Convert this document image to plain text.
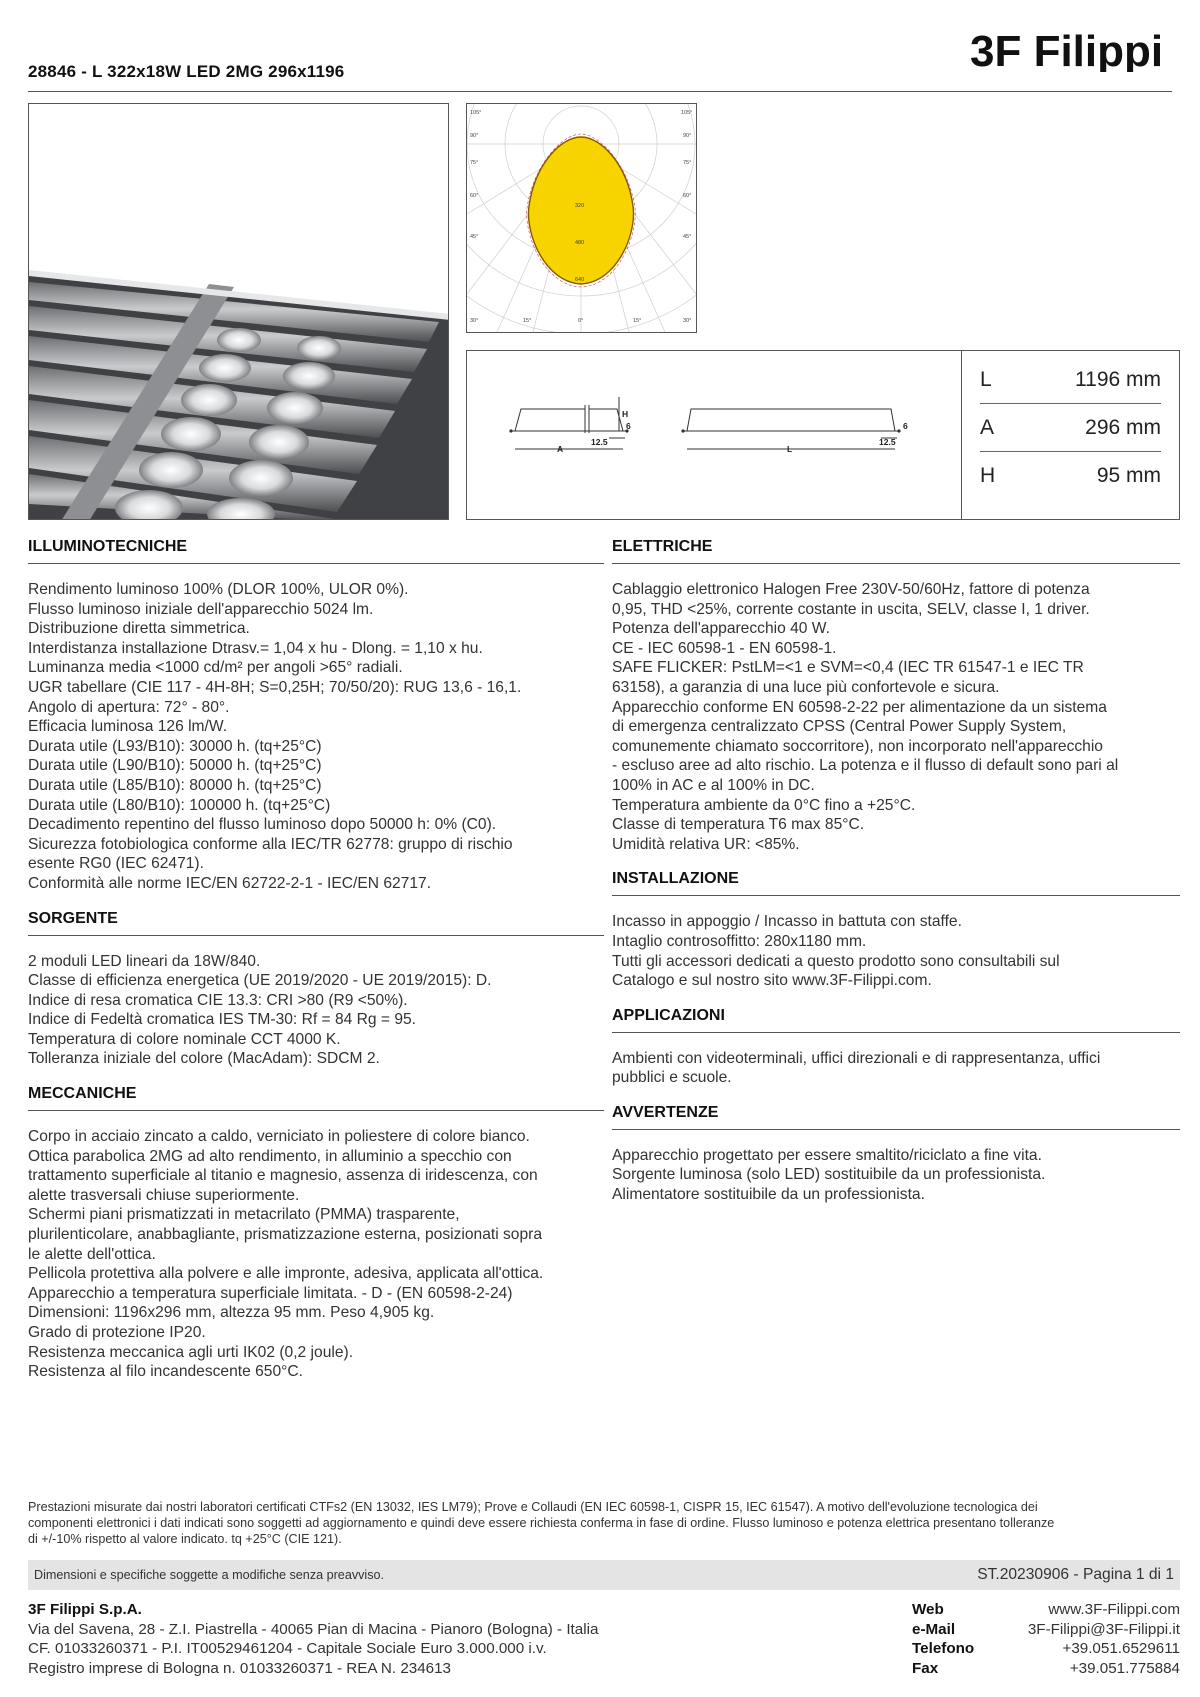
3F Filippi
28846 - L 322x18W LED 2MG 296x1196
105°
90°
75°
60°
45°
30°
105°
90°
75°
60°
45°
30°
15°	0°	15°
320
480
640
A
H
6
12.5
L
6
12.5
L	1196 mm
A	296 mm
H	95 mm
ILLUMINOTECNICHE
Rendimento luminoso 100% (DLOR 100%, ULOR 0%).
Flusso luminoso iniziale dell'apparecchio 5024 lm.
Distribuzione diretta simmetrica.
Interdistanza installazione Dtrasv.= 1,04 x hu - Dlong. = 1,10 x hu.
Luminanza media <1000 cd/m² per angoli >65° radiali.
UGR tabellare (CIE 117 - 4H-8H; S=0,25H; 70/50/20): RUG 13,6 - 16,1.
Angolo di apertura: 72° - 80°.
Efficacia luminosa 126 lm/W.
Durata utile (L93/B10): 30000 h. (tq+25°C)
Durata utile (L90/B10): 50000 h. (tq+25°C)
Durata utile (L85/B10): 80000 h. (tq+25°C)
Durata utile (L80/B10): 100000 h. (tq+25°C)
Decadimento repentino del flusso luminoso dopo 50000 h: 0% (C0).
Sicurezza fotobiologica conforme alla IEC/TR 62778: gruppo di rischio
esente RG0 (IEC 62471).
Conformità alle norme IEC/EN 62722-2-1 - IEC/EN 62717.
SORGENTE
2 moduli LED lineari da 18W/840.
Classe di efficienza energetica (UE 2019/2020 - UE 2019/2015): D.
Indice di resa cromatica CIE 13.3: CRI >80 (R9 <50%).
Indice di Fedeltà cromatica IES TM-30: Rf = 84 Rg = 95.
Temperatura di colore nominale CCT 4000 K.
Tolleranza iniziale del colore (MacAdam): SDCM 2.
MECCANICHE
Corpo in acciaio zincato a caldo, verniciato in poliestere di colore bianco.
Ottica parabolica 2MG ad alto rendimento, in alluminio a specchio con
trattamento superficiale al titanio e magnesio, assenza di iridescenza, con
alette trasversali chiuse superiormente.
Schermi piani prismatizzati in metacrilato (PMMA) trasparente,
plurilenticolare, anabbagliante, prismatizzazione esterna, posizionati sopra
le alette dell'ottica.
Pellicola protettiva alla polvere e alle impronte, adesiva, applicata all'ottica.
Apparecchio a temperatura superficiale limitata. - D - (EN 60598-2-24)
Dimensioni: 1196x296 mm, altezza 95 mm. Peso 4,905 kg.
Grado di protezione IP20.
Resistenza meccanica agli urti IK02 (0,2 joule).
Resistenza al filo incandescente 650°C.
ELETTRICHE
Cablaggio elettronico Halogen Free 230V-50/60Hz, fattore di potenza
0,95, THD <25%, corrente costante in uscita, SELV, classe I, 1 driver.
Potenza dell'apparecchio 40 W.
CE - IEC 60598-1 - EN 60598-1.
SAFE FLICKER: PstLM=<1 e SVM=<0,4 (IEC TR 61547-1 e IEC TR
63158), a garanzia di una luce più confortevole e sicura.
Apparecchio conforme EN 60598-2-22 per alimentazione da un sistema
di emergenza centralizzato CPSS (Central Power Supply System,
comunemente chiamato soccorritore), non incorporato nell'apparecchio
- escluso aree ad alto rischio. La potenza e il flusso di default sono pari al
100% in AC e al 100% in DC.
Temperatura ambiente da 0°C fino a +25°C.
Classe di temperatura T6 max 85°C.
Umidità relativa UR: <85%.
INSTALLAZIONE
Incasso in appoggio / Incasso in battuta con staffe.
Intaglio controsoffitto: 280x1180 mm.
Tutti gli accessori dedicati a questo prodotto sono consultabili sul
Catalogo e sul nostro sito www.3F-Filippi.com.
APPLICAZIONI
Ambienti con videoterminali, uffici direzionali e di rappresentanza, uffici
pubblici e scuole.
AVVERTENZE
Apparecchio progettato per essere smaltito/riciclato a fine vita.
Sorgente luminosa (solo LED) sostituibile da un professionista.
Alimentatore sostituibile da un professionista.
Prestazioni misurate dai nostri laboratori certificati CTFs2 (EN 13032, IES LM79); Prove e Collaudi (EN IEC 60598-1, CISPR 15, IEC 61547). A motivo dell'evoluzione tecnologica dei
componenti elettronici i dati indicati sono soggetti ad aggiornamento e quindi deve essere richiesta conferma in fase di ordine. Flusso luminoso e potenza elettrica presentano tolleranze
di +/-10% rispetto al valore indicato. tq +25°C (CIE 121).
Dimensioni e specifiche soggette a modifiche senza preavviso.	ST.20230906 - Pagina 1 di 1
3F Filippi S.p.A.
Via del Savena, 28 - Z.I. Piastrella - 40065 Pian di Macina - Pianoro (Bologna) - Italia
CF. 01033260371 - P.I. IT00529461204 - Capitale Sociale Euro 3.000.000 i.v.
Registro imprese di Bologna n. 01033260371 - REA N. 234613
Web	www.3F-Filippi.com
e-Mail	3F-Filippi@3F-Filippi.it
Telefono	+39.051.6529611
Fax	+39.051.775884
